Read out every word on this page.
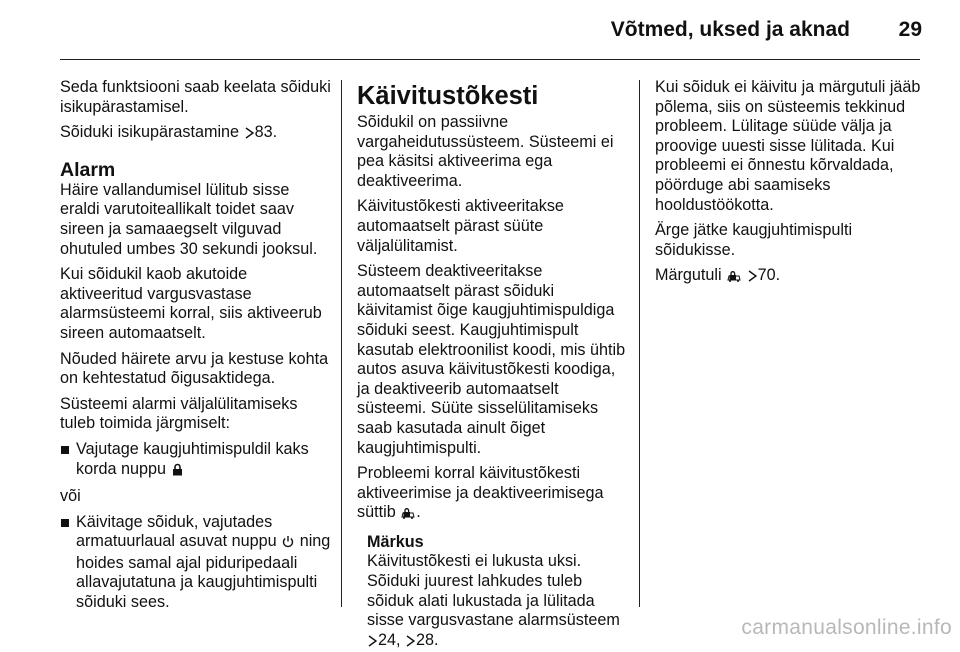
Võtmed, uksed ja aknad 29

Seda funktsiooni saab keelata sõiduki isikupärastamisel.

Sõiduki isikupärastamine 83.

Alarm

Häire vallandumisel lülitub sisse eraldi varutoiteallikalt toidet saav sireen ja samaaegselt vilguvad ohutuled umbes 30 sekundi jooksul.

Kui sõidukil kaob akutoide aktiveeritud vargusvastase alarmsüsteemi korral, siis aktiveerub sireen automaatselt.

Nõuded häirete arvu ja kestuse kohta on kehtestatud õigusaktidega.

Süsteemi alarmi väljalülitamiseks tuleb toimida järgmiselt:

Vajutage kaugjuhtimispuldil kaks korda nuppu

või

Käivitage sõiduk, vajutades armatuurlaual asuvat nuppu ning hoides samal ajal piduripedaali allavajutatuna ja kaugjuhtimispulti sõiduki sees.
Käivitustõkesti

Sõidukil on passiivne vargaheidutussüsteem. Süsteemi ei pea käsitsi aktiveerima ega deaktiveerima.

Käivitustõkesti aktiveeritakse automaatselt pärast süüte väljalülitamist.

Süsteem deaktiveeritakse automaatselt pärast sõiduki käivitamist õige kaugjuhtimispuldiga sõiduki seest. Kaugjuhtimispult kasutab elektroonilist koodi, mis ühtib autos asuva käivitustõkesti koodiga, ja deaktiveerib automaatselt süsteemi. Süüte sisselülitamiseks saab kasutada ainult õiget kaugjuhtimispulti.

Probleemi korral käivitustõkesti aktiveerimise ja deaktiveerimisega süttib .

Märkus
Käivitustõkesti ei lukusta uksi. Sõiduki juurest lahkudes tuleb sõiduk alati lukustada ja lülitada sisse vargusvastane alarmsüsteem
24, 28.

Kui sõiduk ei käivitu ja märgutuli jääb põlema, siis on süsteemis tekkinud probleem. Lülitage süüde välja ja proovige uuesti sisse lülitada. Kui probleemi ei õnnestu kõrvaldada, pöörduge abi saamiseks hooldustöökotta.

Ärge jätke kaugjuhtimispulti sõidukisse.

Märgutuli 70.

carmanualsonline.info
